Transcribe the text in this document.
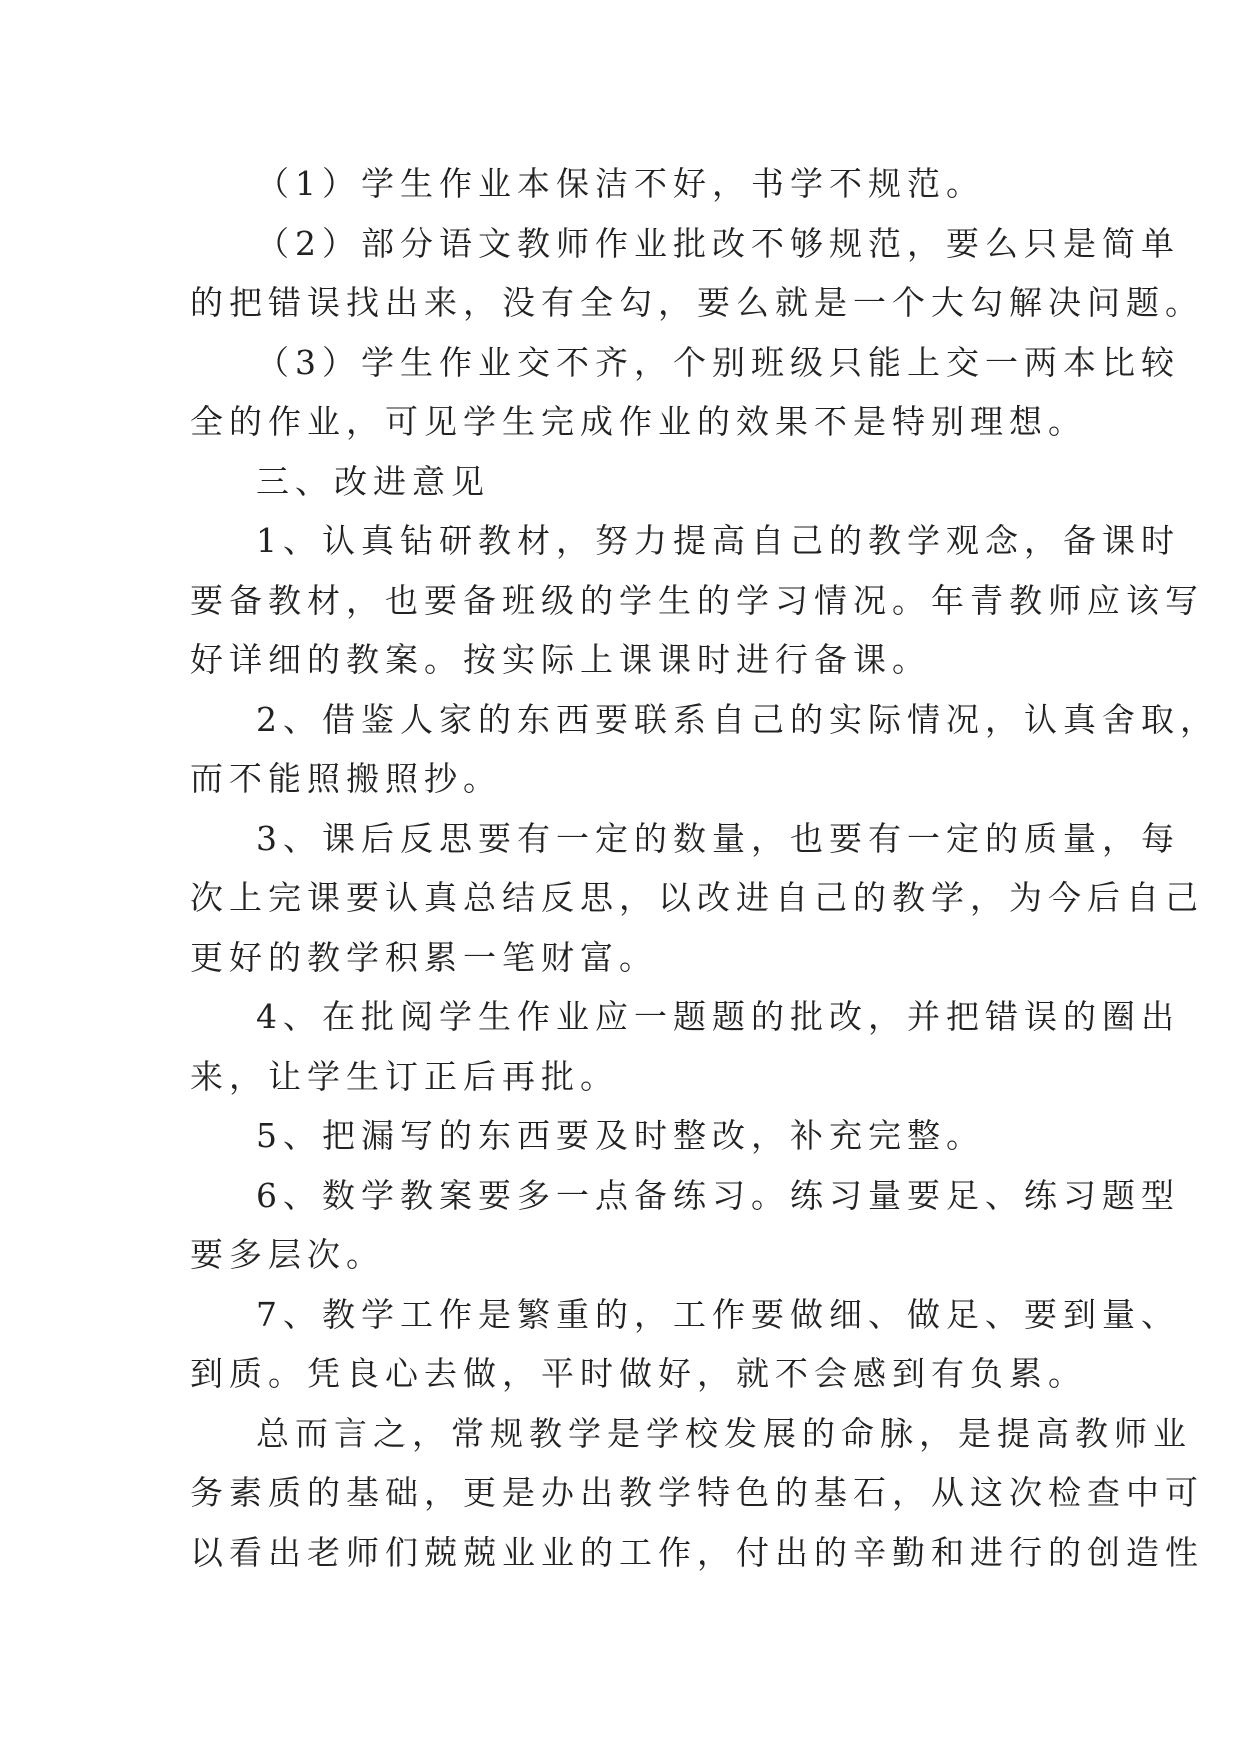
（1）学生作业本保洁不好，书学不规范。
（2）部分语文教师作业批改不够规范，要么只是简单
的把错误找出来，没有全勾，要么就是一个大勾解决问题。
（3）学生作业交不齐，个别班级只能上交一两本比较
全的作业，可见学生完成作业的效果不是特别理想。
三、改进意见
1、认真钻研教材，努力提高自己的教学观念，备课时
要备教材，也要备班级的学生的学习情况。年青教师应该写
好详细的教案。按实际上课课时进行备课。
2、借鉴人家的东西要联系自己的实际情况，认真舍取，
而不能照搬照抄。
3、课后反思要有一定的数量，也要有一定的质量，每
次上完课要认真总结反思，以改进自己的教学，为今后自己
更好的教学积累一笔财富。
4、在批阅学生作业应一题题的批改，并把错误的圈出
来，让学生订正后再批。
5、把漏写的东西要及时整改，补充完整。
6、数学教案要多一点备练习。练习量要足、练习题型
要多层次。
7、教学工作是繁重的，工作要做细、做足、要到量、
到质。凭良心去做，平时做好，就不会感到有负累。
总而言之，常规教学是学校发展的命脉，是提高教师业
务素质的基础，更是办出教学特色的基石，从这次检查中可
以看出老师们兢兢业业的工作，付出的辛勤和进行的创造性
